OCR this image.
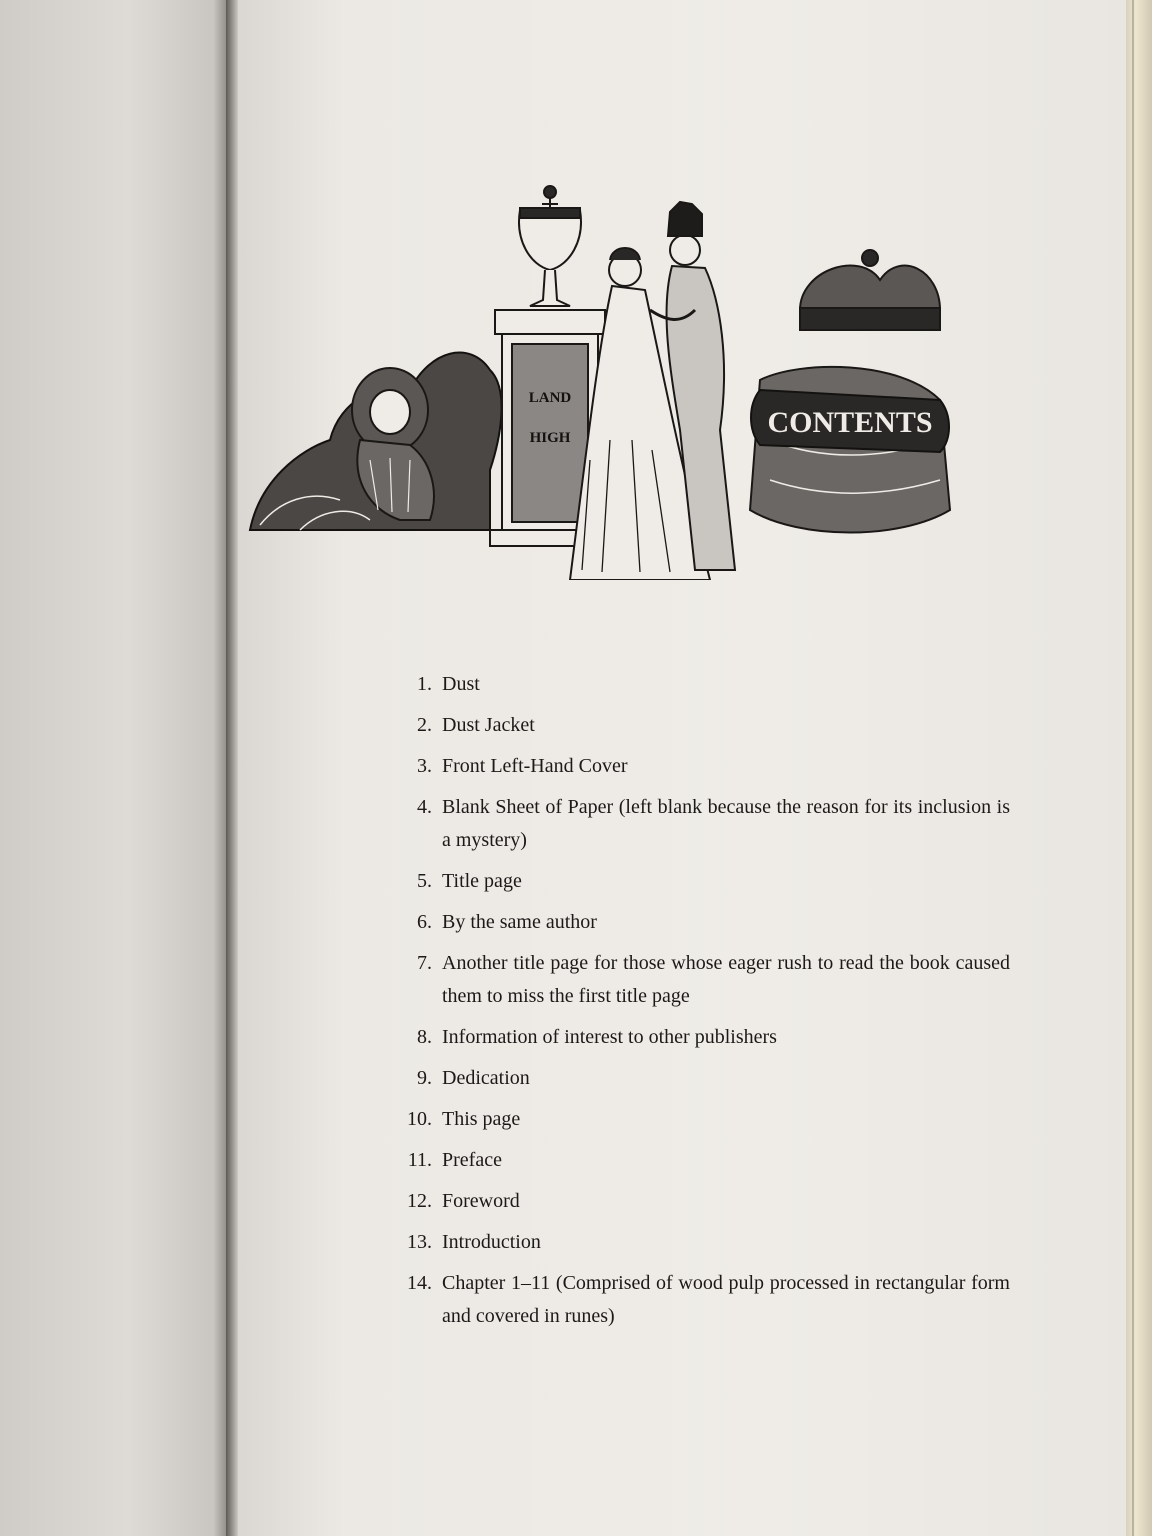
LAND
HIGH	CONTENTS
1. Dust
2. Dust Jacket
3. Front Left-Hand Cover
4. Blank Sheet of Paper (left blank because the reason for its inclusion is a mystery)
5. Title page
6. By the same author
7. Another title page for those whose eager rush to read the book caused them to miss the first title page
8. Information of interest to other publishers
9. Dedication
10. This page
11. Preface
12. Foreword
13. Introduction
14. Chapter 1–11 (Comprised of wood pulp processed in rectangular form and covered in runes)
